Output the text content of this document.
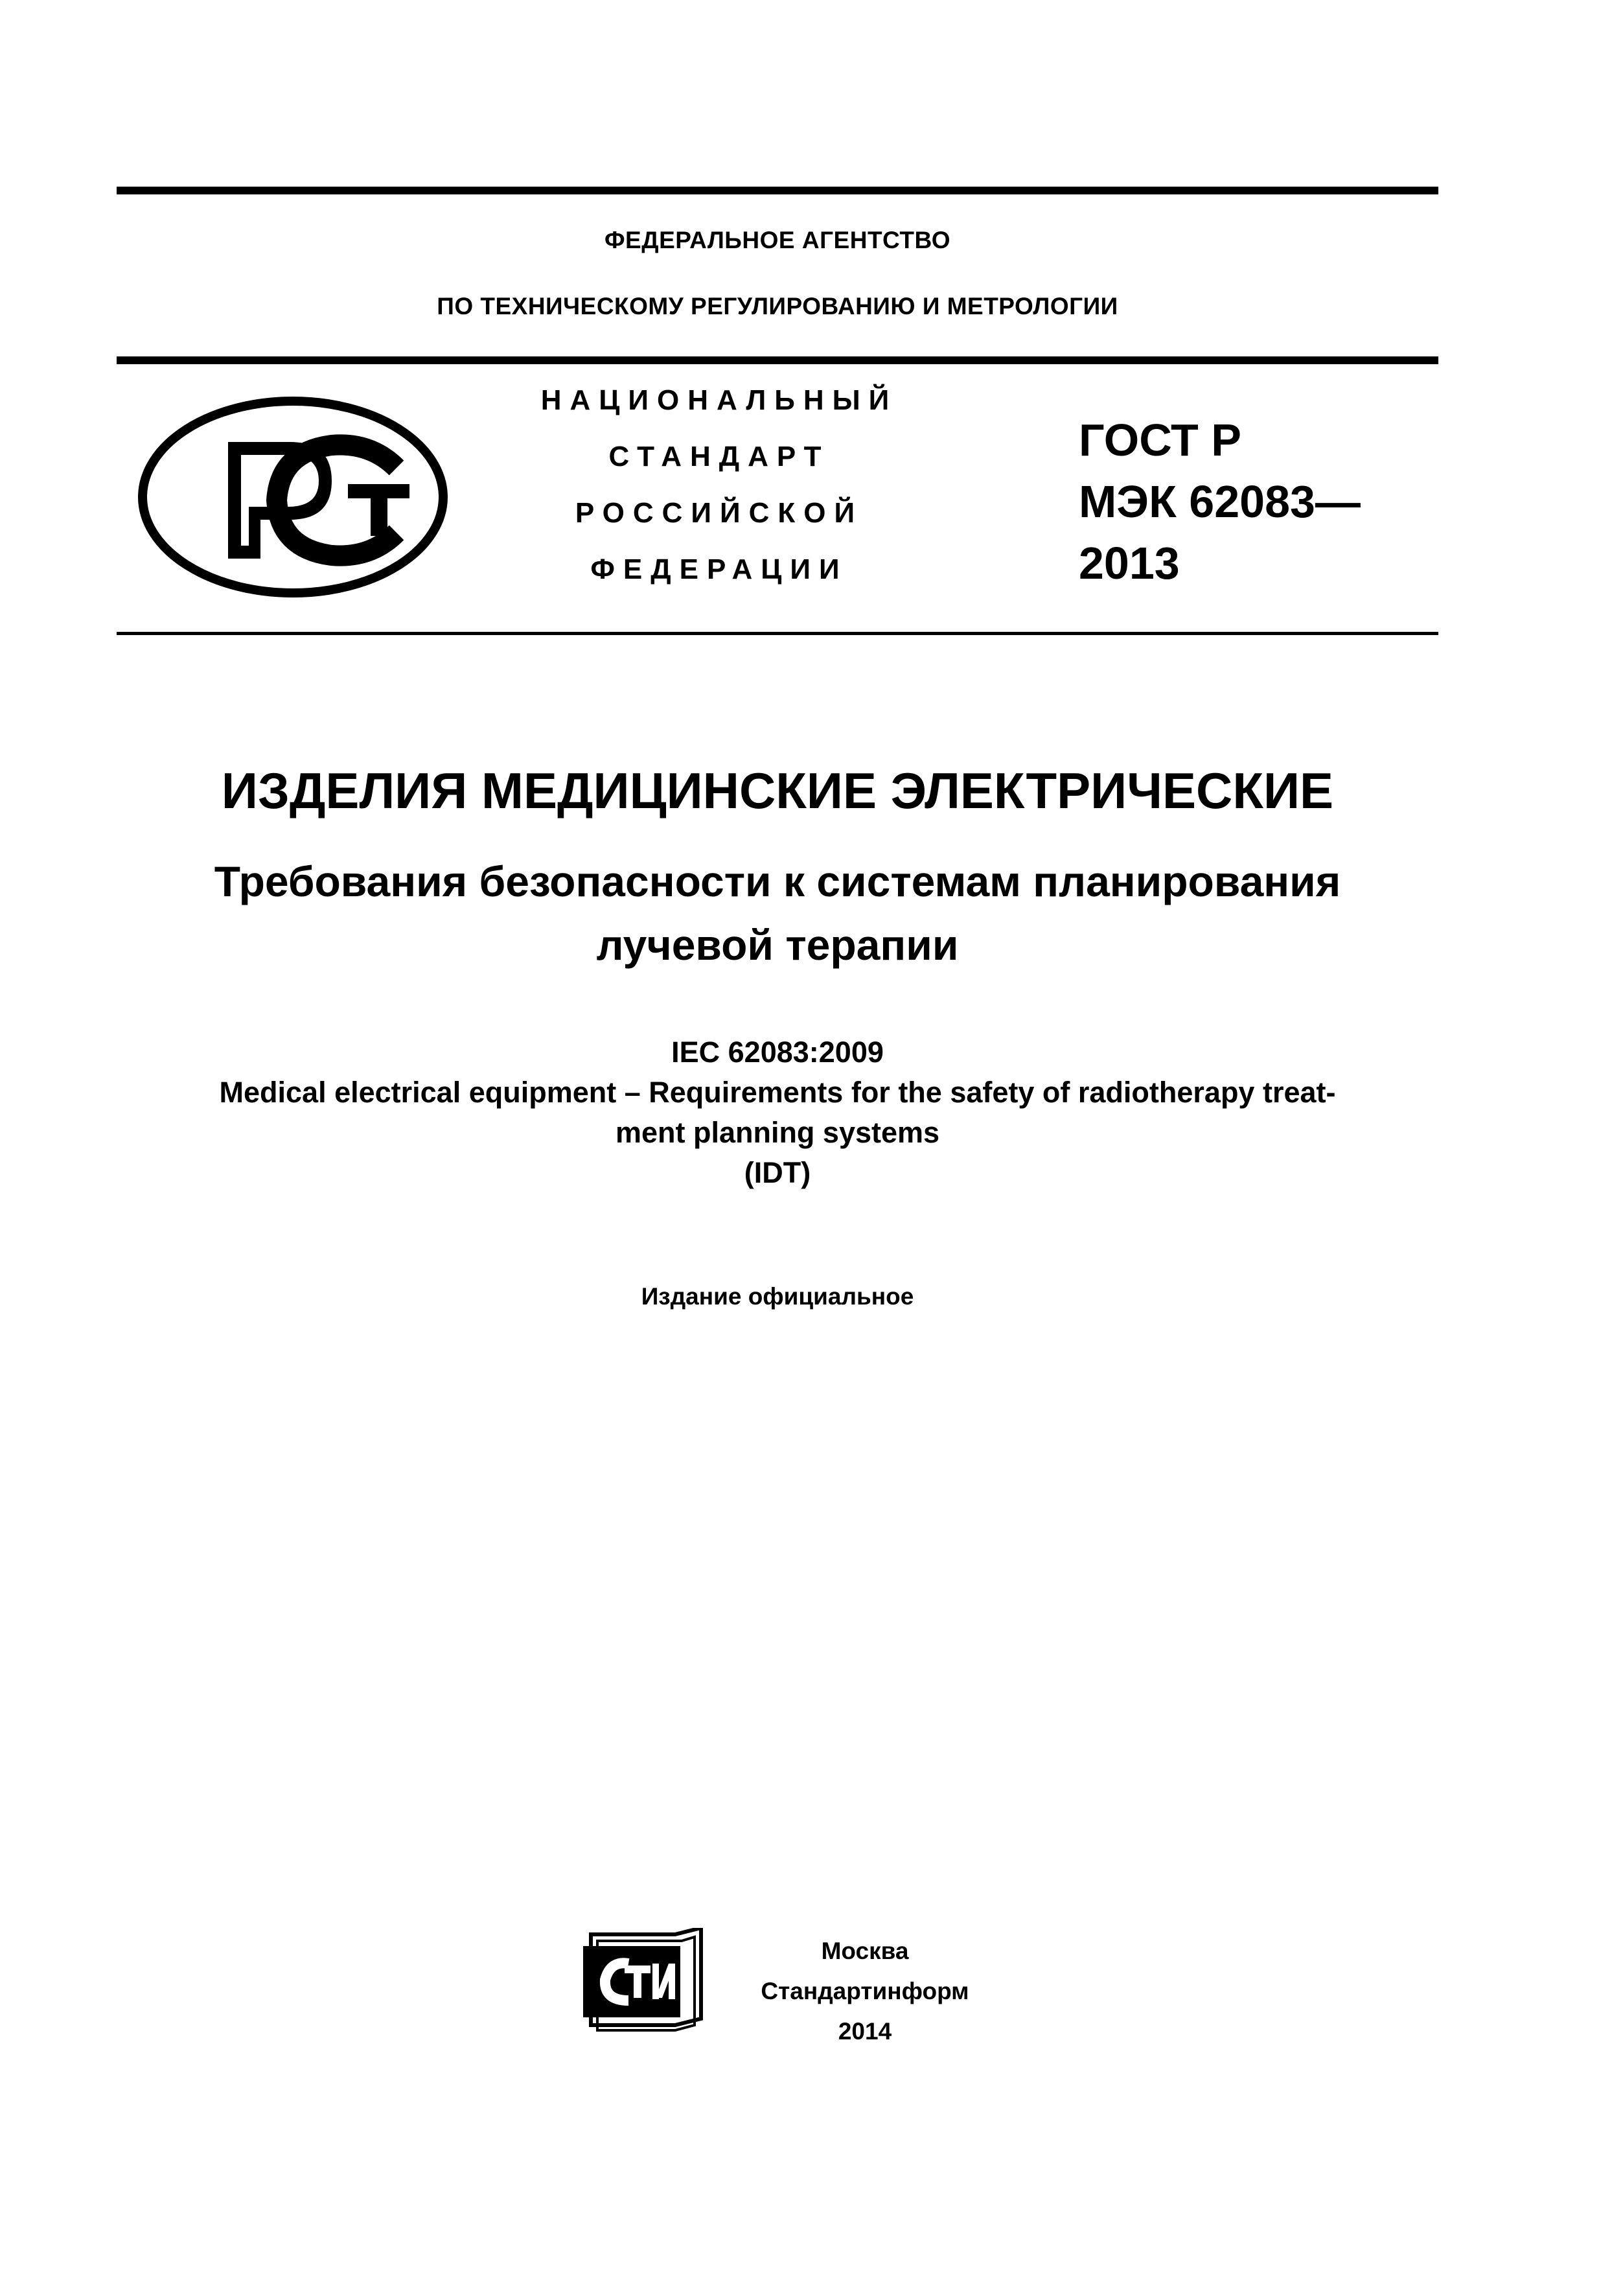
ФЕДЕРАЛЬНОЕ АГЕНТСТВО
ПО ТЕХНИЧЕСКОМУ РЕГУЛИРОВАНИЮ И МЕТРОЛОГИИ
НАЦИОНАЛЬНЫЙ
СТАНДАРТ
РОССИЙСКОЙ
ФЕДЕРАЦИИ
ГОСТ Р
МЭК 62083—
2013
ИЗДЕЛИЯ МЕДИЦИНСКИЕ ЭЛЕКТРИЧЕСКИЕ
Требования безопасности к системам планирования
лучевой терапии
IEC 62083:2009
Medical electrical equipment – Requirements for the safety of radiotherapy treat-
ment planning systems
(IDT)
Издание официальное
Москва
Стандартинформ
2014
